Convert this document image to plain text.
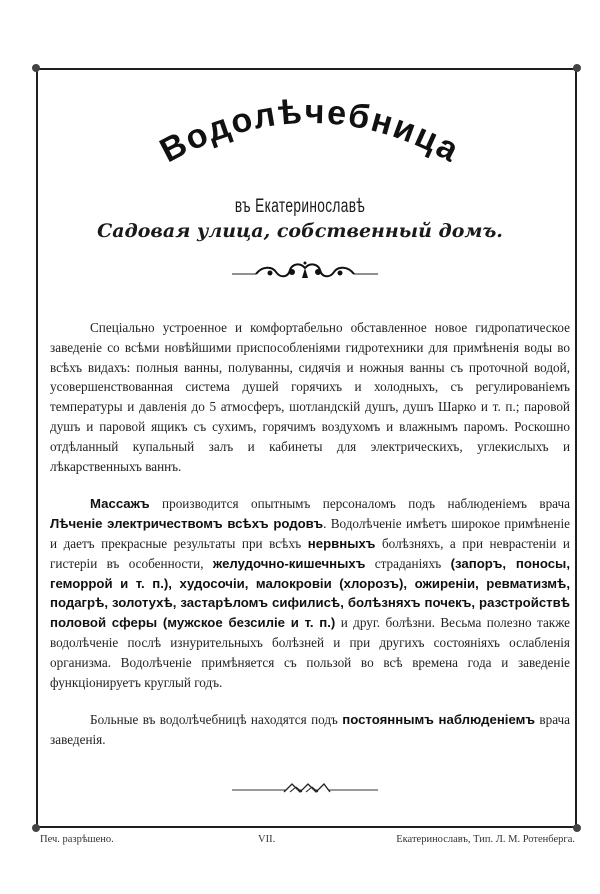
Водолѣчебница
въ Екатеринославѣ
Садовая улица, собственный домъ.

Спеціально устроенное и комфортабельно обставленное новое гидропатическое заведеніе со всѣми новѣйшими приспособленіями гидротехники для примѣненія воды во всѣхъ видахъ: полныя ванны, полуванны, сидячія и ножныя ванны съ проточной водой, усовершенствованная система душей горячихъ и холодныхъ, съ регулированіемъ температуры и давленія до 5 атмосферъ, шотландскій душъ, душъ Шарко и т. п.; паровой душъ и паровой ящикъ съ сухимъ, горячимъ воздухомъ и влажнымъ паромъ. Роскошно отдѣланный купальный залъ и кабинеты для электрическихъ, углекислыхъ и лѣкарственныхъ ваннъ.

Массажъ производится опытнымъ персоналомъ подъ наблюденіемъ врача Лѣченіе электричествомъ всѣхъ родовъ. Водолѣченіе имѣетъ широкое примѣненіе и даетъ прекрасные результаты при всѣхъ нервныхъ болѣзняхъ, а при неврастеніи и гистеріи въ особенности, желудочно-кишечныхъ страданіяхъ (запоръ, поносы, геморрой и т. п.), худосочіи, малокровіи (хлорозъ), ожиреніи, ревматизмѣ, подагрѣ, золотухѣ, застарѣломъ сифилисѣ, болѣзняхъ почекъ, разстройствѣ половой сферы (мужское безсиліе и т. п.) и друг. болѣзни. Весьма полезно также водолѣченіе послѣ изнурительныхъ болѣзней и при другихъ состояніяхъ ослабленія организма. Водолѣченіе примѣняется съ пользой во всѣ времена года и заведеніе функціонируетъ круглый годъ.

Больные въ водолѣчебницѣ находятся подъ постояннымъ наблюденіемъ врача заведенія.

Печ. разрѣшено.	VII.	Екатеринославъ, Тип. Л. М. Ротенберга.
